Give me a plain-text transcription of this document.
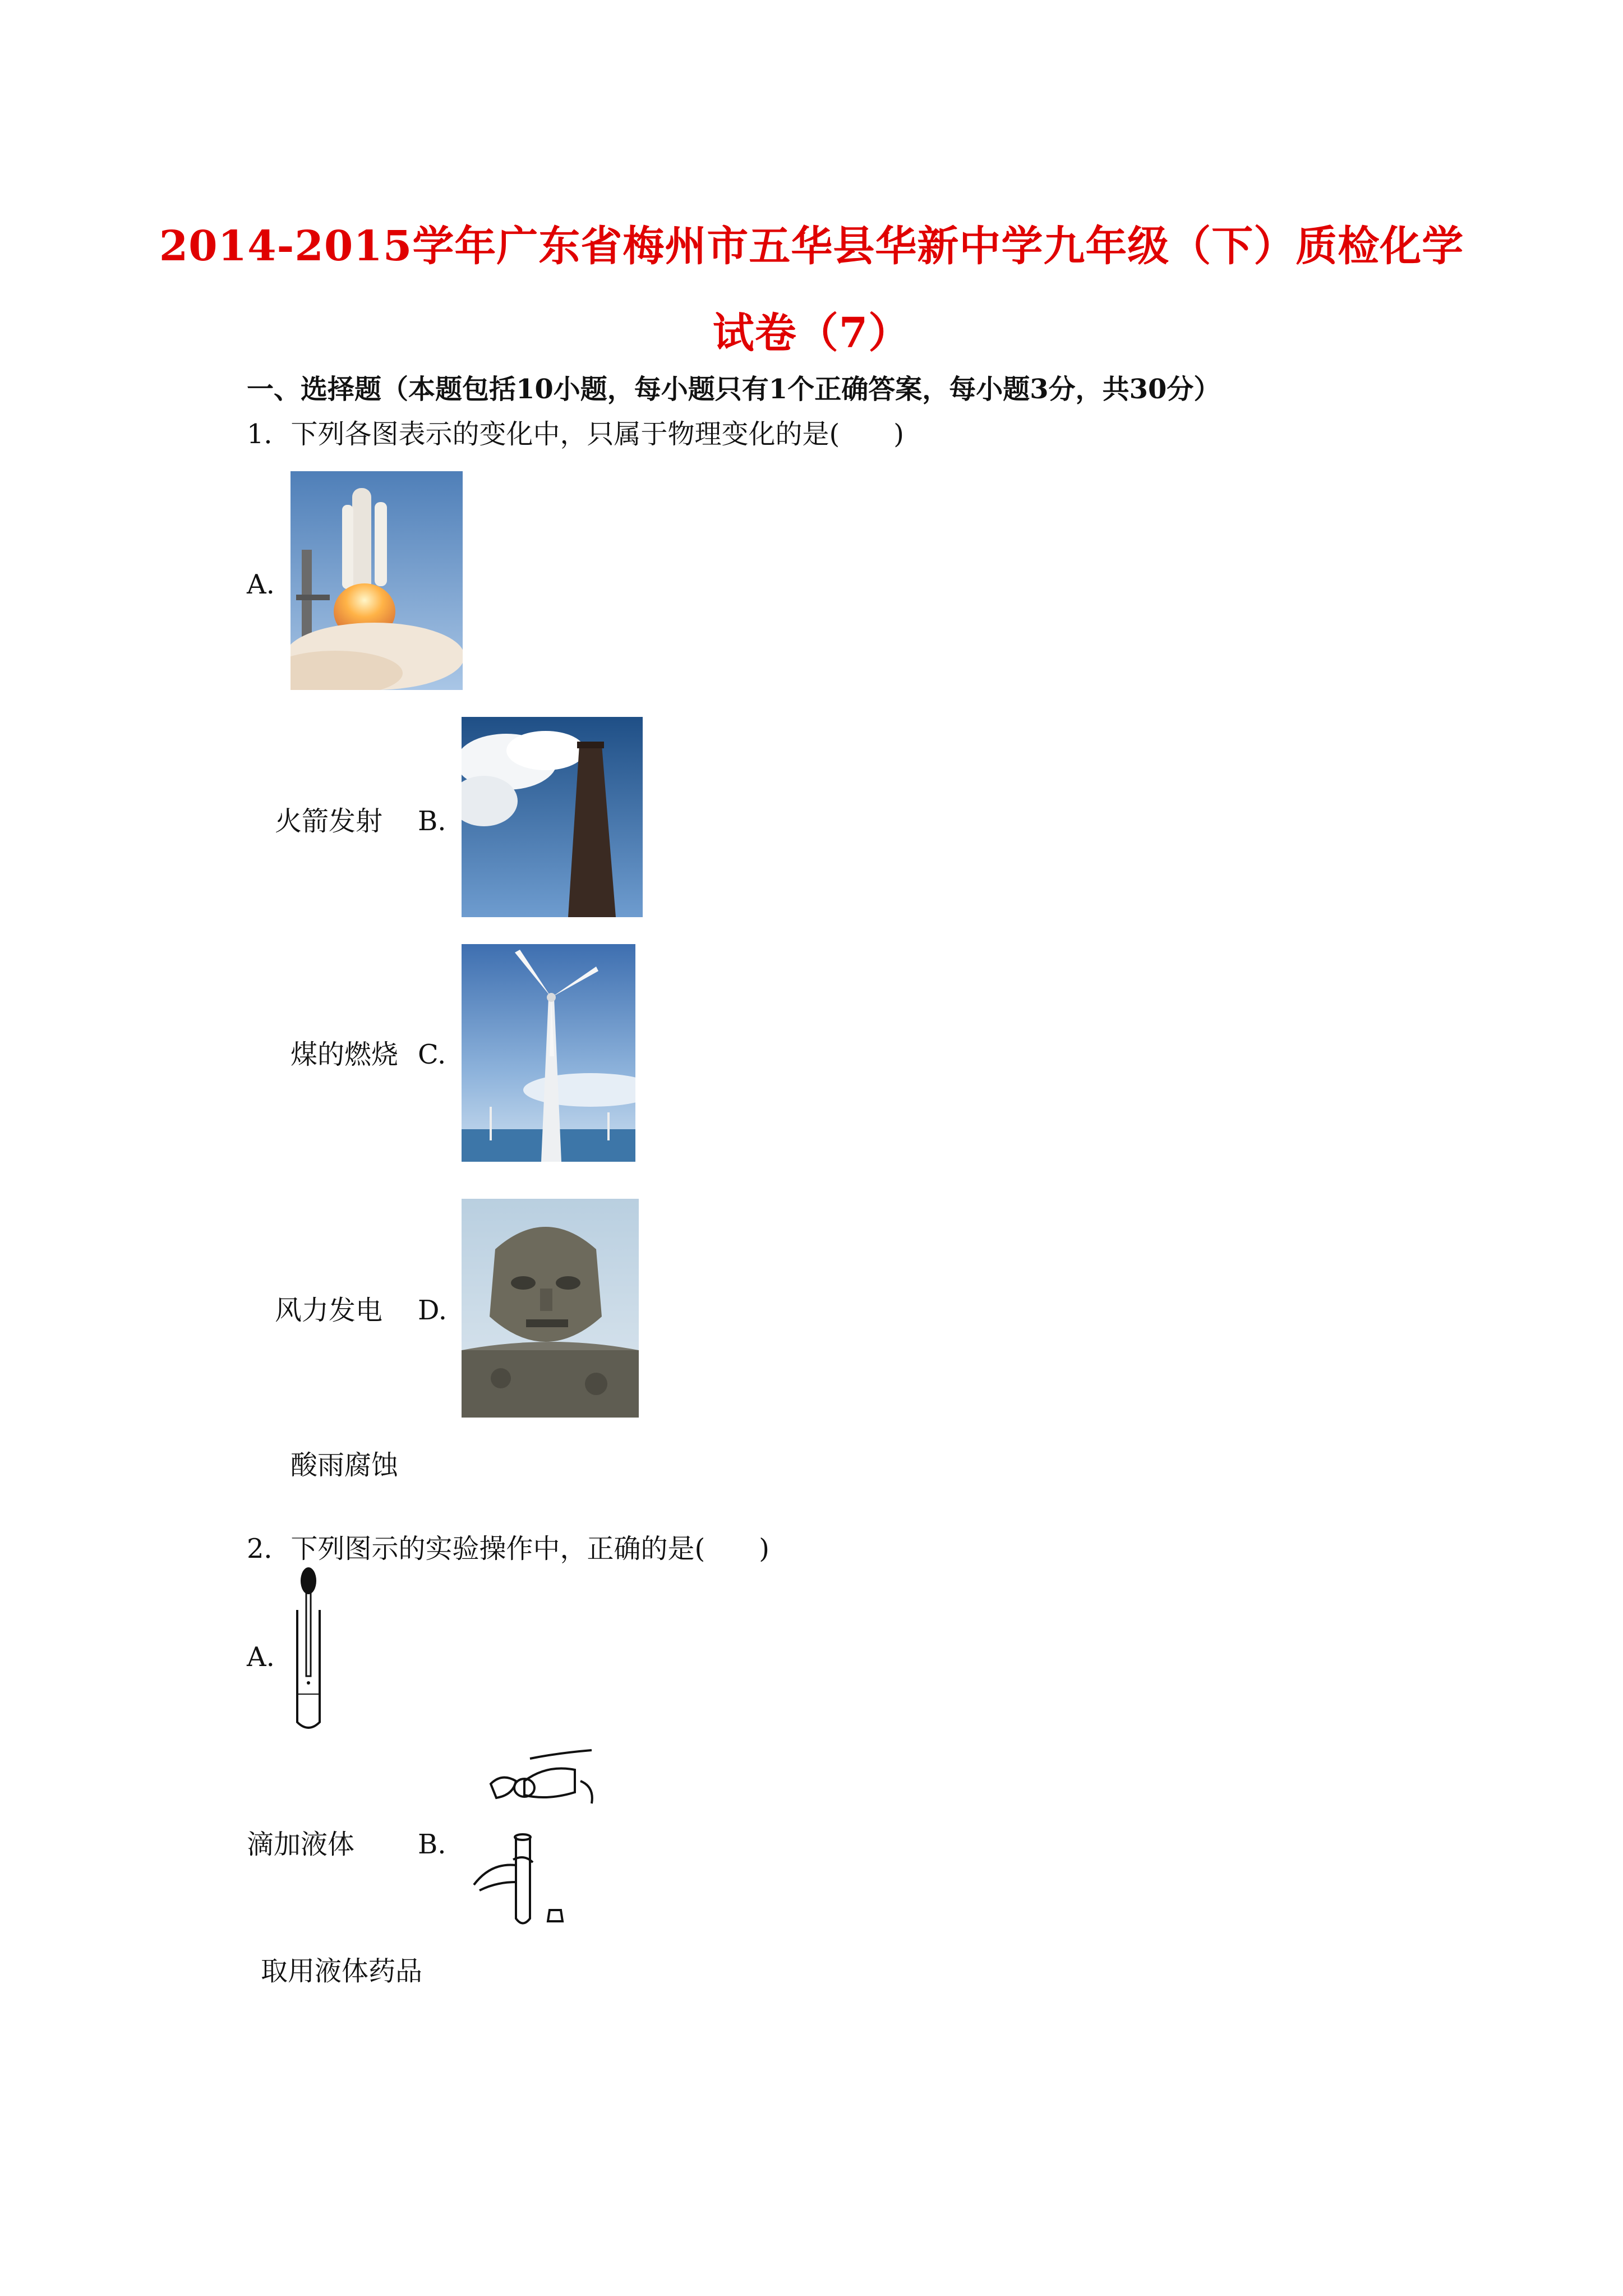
2014-2015学年广东省梅州市五华县华新中学九年级（下）质检化学
试卷（7）
一、选择题（本题包括10小题，每小题只有1个正确答案，每小题3分，共30分）
1．下列各图表示的变化中，只属于物理变化的是(　　)
A.
火箭发射 B.
煤的燃烧 C.
风力发电 D.
酸雨腐蚀
2．下列图示的实验操作中，正确的是(　　)
A.
滴加液体 B.
取用液体药品
